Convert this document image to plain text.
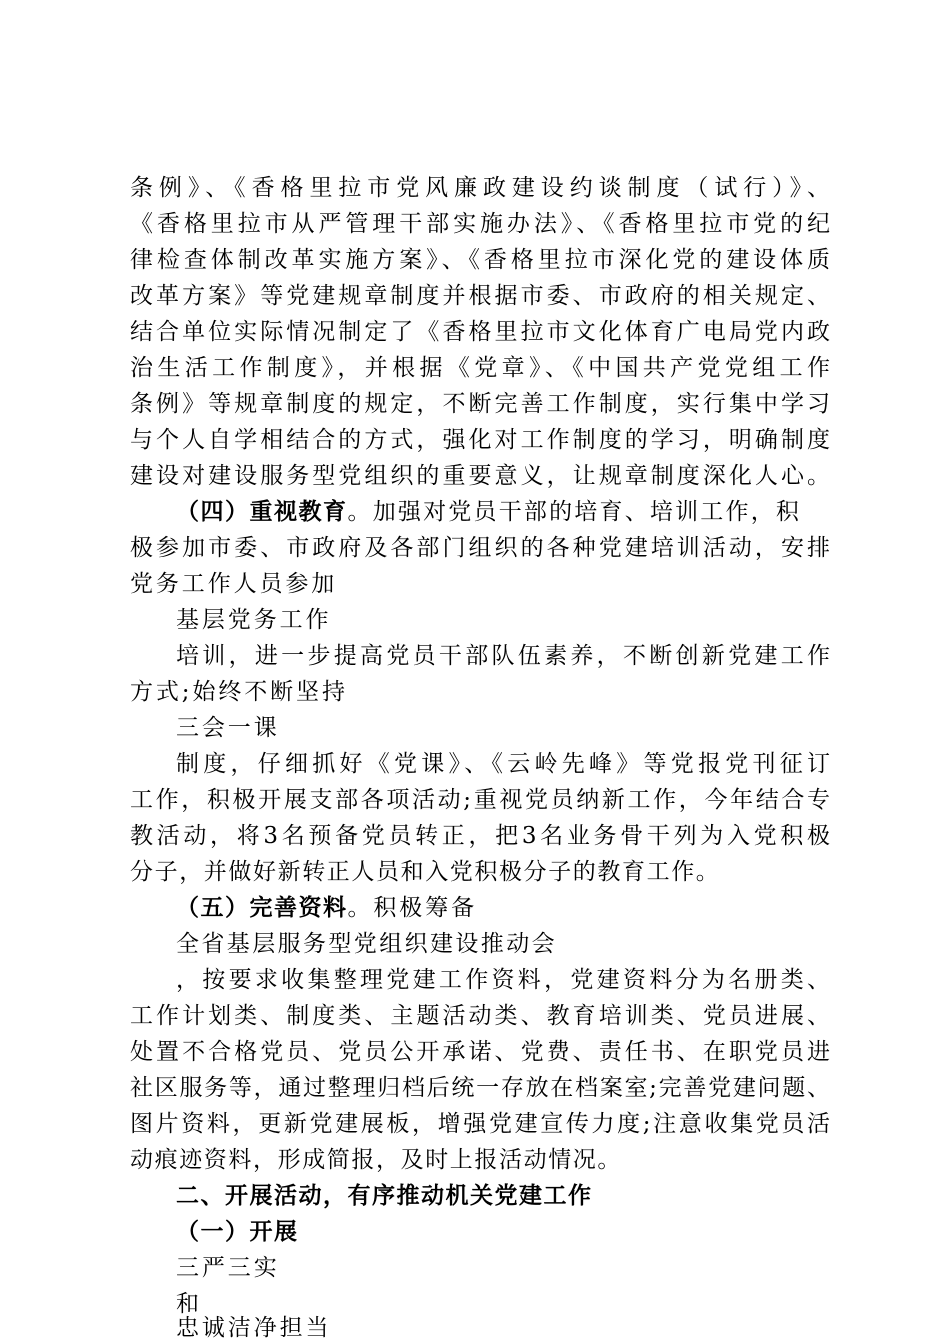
条例》、《香格里拉市党风廉政建设约谈制度（试行）》、
《香格里拉市从严管理干部实施办法》、《香格里拉市党的纪
律检查体制改革实施方案》、《香格里拉市深化党的建设体质
改革方案》等党建规章制度并根据市委、市政府的相关规定、
结合单位实际情况制定了《香格里拉市文化体育广电局党内政
治生活工作制度》，并根据《党章》、《中国共产党党组工作
条例》等规章制度的规定，不断完善工作制度，实行集中学习
与个人自学相结合的方式，强化对工作制度的学习，明确制度
建设对建设服务型党组织的重要意义，让规章制度深化人心。
（四）重视教育。加强对党员干部的培育、培训工作，积
极参加市委、市政府及各部门组织的各种党建培训活动，安排
党务工作人员参加
基层党务工作
培训，进一步提高党员干部队伍素养，不断创新党建工作
方式;始终不断坚持
三会一课
制度，仔细抓好《党课》、《云岭先峰》等党报党刊征订
工作，积极开展支部各项活动;重视党员纳新工作，今年结合专
教活动，将3名预备党员转正，把3名业务骨干列为入党积极
分子，并做好新转正人员和入党积极分子的教育工作。
（五）完善资料。积极筹备
全省基层服务型党组织建设推动会
，按要求收集整理党建工作资料，党建资料分为名册类、
工作计划类、制度类、主题活动类、教育培训类、党员进展、
处置不合格党员、党员公开承诺、党费、责任书、在职党员进
社区服务等，通过整理归档后统一存放在档案室;完善党建问题、
图片资料，更新党建展板，增强党建宣传力度;注意收集党员活
动痕迹资料，形成简报，及时上报活动情况。
二、开展活动，有序推动机关党建工作
（一）开展
三严三实
和
忠诚洁净担当
